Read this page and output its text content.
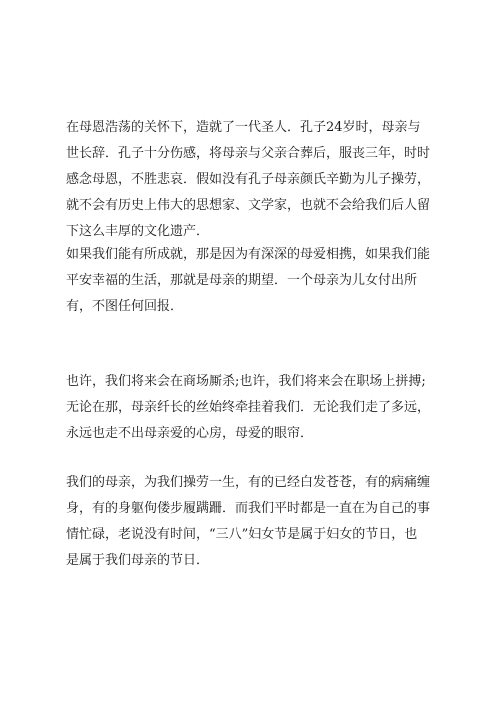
在母恩浩荡的关怀下，造就了一代圣人．孔子24岁时，母亲与
世长辞．孔子十分伤感，将母亲与父亲合葬后，服丧三年，时时
感念母恩，不胜悲哀．假如没有孔子母亲颜氏辛勤为儿子操劳，
就不会有历史上伟大的思想家、文学家，也就不会给我们后人留
下这么丰厚的文化遗产．

如果我们能有所成就，那是因为有深深的母爱相携，如果我们能
平安幸福的生活，那就是母亲的期望．一个母亲为儿女付出所
有，不图任何回报．

也许，我们将来会在商场厮杀;也许，我们将来会在职场上拼搏;
无论在那，母亲纤长的丝始终牵挂着我们．无论我们走了多远，
永远也走不出母亲爱的心房，母爱的眼帘．

我们的母亲，为我们操劳一生，有的已经白发苍苍，有的病痛缠
身，有的身躯佝偻步履蹒跚．而我们平时都是一直在为自己的事
情忙碌，老说没有时间，“三八”妇女节是属于妇女的节日，也
是属于我们母亲的节日．
